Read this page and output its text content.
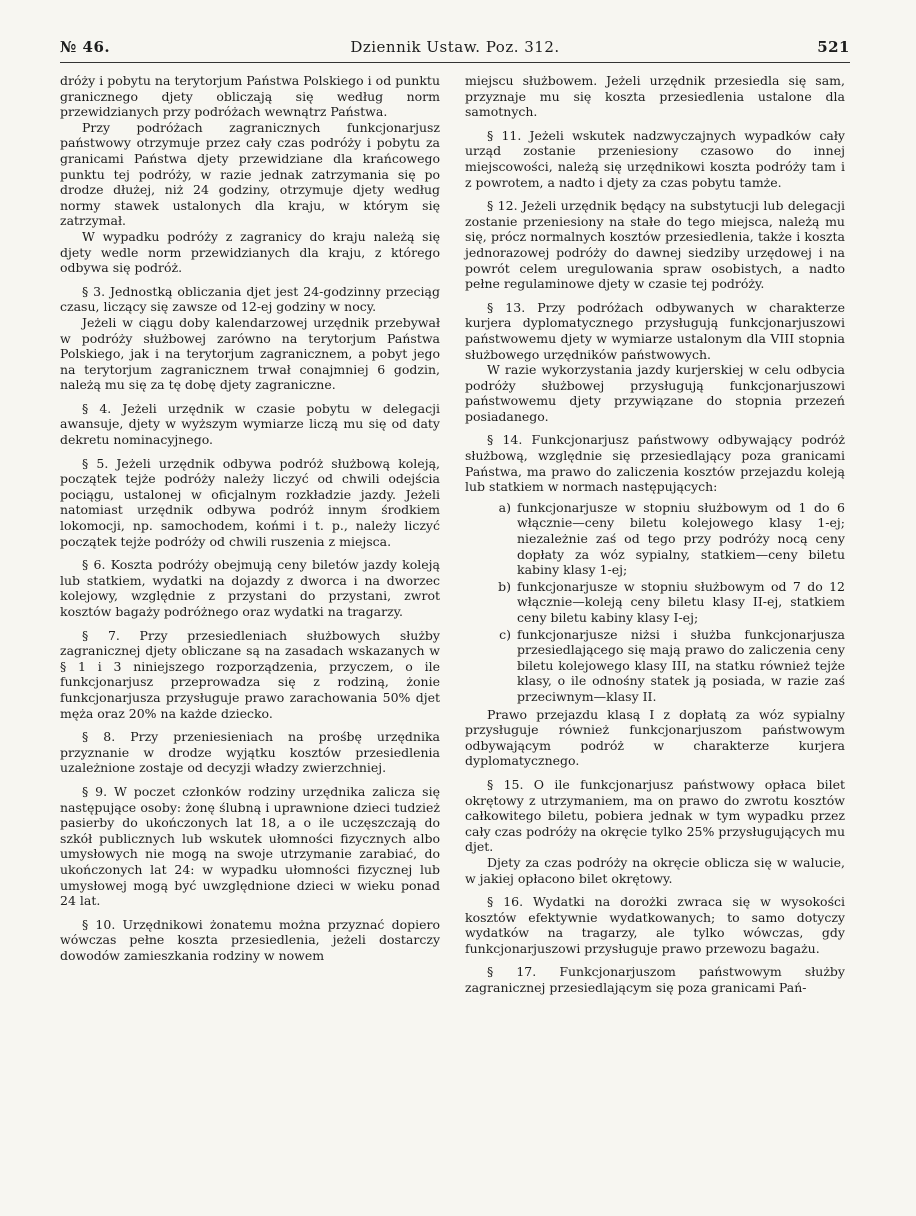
№ 46.	Dziennik Ustaw. Poz. 312.	521

dróży i pobytu na terytorjum Państwa Polskiego i od punktu granicznego djety obliczają się według norm przewidzianych przy podróżach wewnątrz Państwa.

Przy podróżach zagranicznych funkcjonarjusz państwowy otrzymuje przez cały czas podróży i pobytu za granicami Państwa djety przewidziane dla krańcowego punktu tej podróży, w razie jednak zatrzymania się po drodze dłużej, niż 24 godziny, otrzymuje djety według normy stawek ustalonych dla kraju, w którym się zatrzymał.

W wypadku podróży z zagranicy do kraju należą się djety wedle norm przewidzianych dla kraju, z którego odbywa się podróż.

§ 3. Jednostką obliczania djet jest 24-godzinny przeciąg czasu, liczący się zawsze od 12-ej godziny w nocy.

Jeżeli w ciągu doby kalendarzowej urzędnik przebywał w podróży służbowej zarówno na terytorjum Państwa Polskiego, jak i na terytorjum zagranicznem, a pobyt jego na terytorjum zagranicznem trwał conajmniej 6 godzin, należą mu się za tę dobę djety zagraniczne.

§ 4. Jeżeli urzędnik w czasie pobytu w delegacji awansuje, djety w wyższym wymiarze liczą mu się od daty dekretu nominacyjnego.

§ 5. Jeżeli urzędnik odbywa podróż służbową koleją, początek tejże podróży należy liczyć od chwili odejścia pociągu, ustalonej w oficjalnym rozkładzie jazdy. Jeżeli natomiast urzędnik odbywa podróż innym środkiem lokomocji, np. samochodem, końmi i t. p., należy liczyć początek tejże podróży od chwili ruszenia z miejsca.

§ 6. Koszta podróży obejmują ceny biletów jazdy koleją lub statkiem, wydatki na dojazdy z dworca i na dworzec kolejowy, względnie z przystani do przystani, zwrot kosztów bagaży podróżnego oraz wydatki na tragarzy.

§ 7. Przy przesiedleniach służbowych służby zagranicznej djety obliczane są na zasadach wskazanych w § 1 i 3 niniejszego rozporządzenia, przyczem, o ile funkcjonarjusz przeprowadza się z rodziną, żonie funkcjonarjusza przysługuje prawo zarachowania 50% djet męża oraz 20% na każde dziecko.

§ 8. Przy przeniesieniach na prośbę urzędnika przyznanie w drodze wyjątku kosztów przesiedlenia uzależnione zostaje od decyzji władzy zwierzchniej.

§ 9. W poczet członków rodziny urzędnika zalicza się następujące osoby: żonę ślubną i uprawnione dzieci tudzież pasierby do ukończonych lat 18, a o ile uczęszczają do szkół publicznych lub wskutek ułomności fizycznych albo umysłowych nie mogą na swoje utrzymanie zarabiać, do ukończonych lat 24: w wypadku ułomności fizycznej lub umysłowej mogą być uwzględnione dzieci w wieku ponad 24 lat.

§ 10. Urzędnikowi żonatemu można przyznać dopiero wówczas pełne koszta przesiedlenia, jeżeli dostarczy dowodów zamieszkania rodziny w nowem

miejscu służbowem. Jeżeli urzędnik przesiedla się sam, przyznaje mu się koszta przesiedlenia ustalone dla samotnych.

§ 11. Jeżeli wskutek nadzwyczajnych wypadków cały urząd zostanie przeniesiony czasowo do innej miejscowości, należą się urzędnikowi koszta podróży tam i z powrotem, a nadto i djety za czas pobytu tamże.

§ 12. Jeżeli urzędnik będący na substytucji lub delegacji zostanie przeniesiony na stałe do tego miejsca, należą mu się, prócz normalnych kosztów przesiedlenia, także i koszta jednorazowej podróży do dawnej siedziby urzędowej i na powrót celem uregulowania spraw osobistych, a nadto pełne regulaminowe djety w czasie tej podróży.

§ 13. Przy podróżach odbywanych w charakterze kurjera dyplomatycznego przysługują funkcjonarjuszowi państwowemu djety w wymiarze ustalonym dla VIII stopnia służbowego urzędników państwowych.

W razie wykorzystania jazdy kurjerskiej w celu odbycia podróży służbowej przysługują funkcjonarjuszowi państwowemu djety przywiązane do stopnia przezeń posiadanego.

§ 14. Funkcjonarjusz państwowy odbywający podróż służbową, względnie się przesiedlający poza granicami Państwa, ma prawo do zaliczenia kosztów przejazdu koleją lub statkiem w normach następujących:

a) funkcjonarjusze w stopniu służbowym od 1 do 6 włącznie—ceny biletu kolejowego klasy 1-ej; niezależnie zaś od tego przy podróży nocą ceny dopłaty za wóz sypialny, statkiem—ceny biletu kabiny klasy 1-ej;
b) funkcjonarjusze w stopniu służbowym od 7 do 12 włącznie—koleją ceny biletu klasy II-ej, statkiem ceny biletu kabiny klasy I-ej;
c) funkcjonarjusze niżsi i służba funkcjonarjusza przesiedlającego się mają prawo do zaliczenia ceny biletu kolejowego klasy III, na statku również tejże klasy, o ile odnośny statek ją posiada, w razie zaś przeciwnym—klasy II.

Prawo przejazdu klasą I z dopłatą za wóz sypialny przysługuje również funkcjonarjuszom państwowym odbywającym podróż w charakterze kurjera dyplomatycznego.

§ 15. O ile funkcjonarjusz państwowy opłaca bilet okrętowy z utrzymaniem, ma on prawo do zwrotu kosztów całkowitego biletu, pobiera jednak w tym wypadku przez cały czas podróży na okręcie tylko 25% przysługujących mu djet.

Djety za czas podróży na okręcie oblicza się w walucie, w jakiej opłacono bilet okrętowy.

§ 16. Wydatki na dorożki zwraca się w wysokości kosztów efektywnie wydatkowanych; to samo dotyczy wydatków na tragarzy, ale tylko wówczas, gdy funkcjonarjuszowi przysługuje prawo przewozu bagażu.

§ 17. Funkcjonarjuszom państwowym służby zagranicznej przesiedlającym się poza granicami Pań-
